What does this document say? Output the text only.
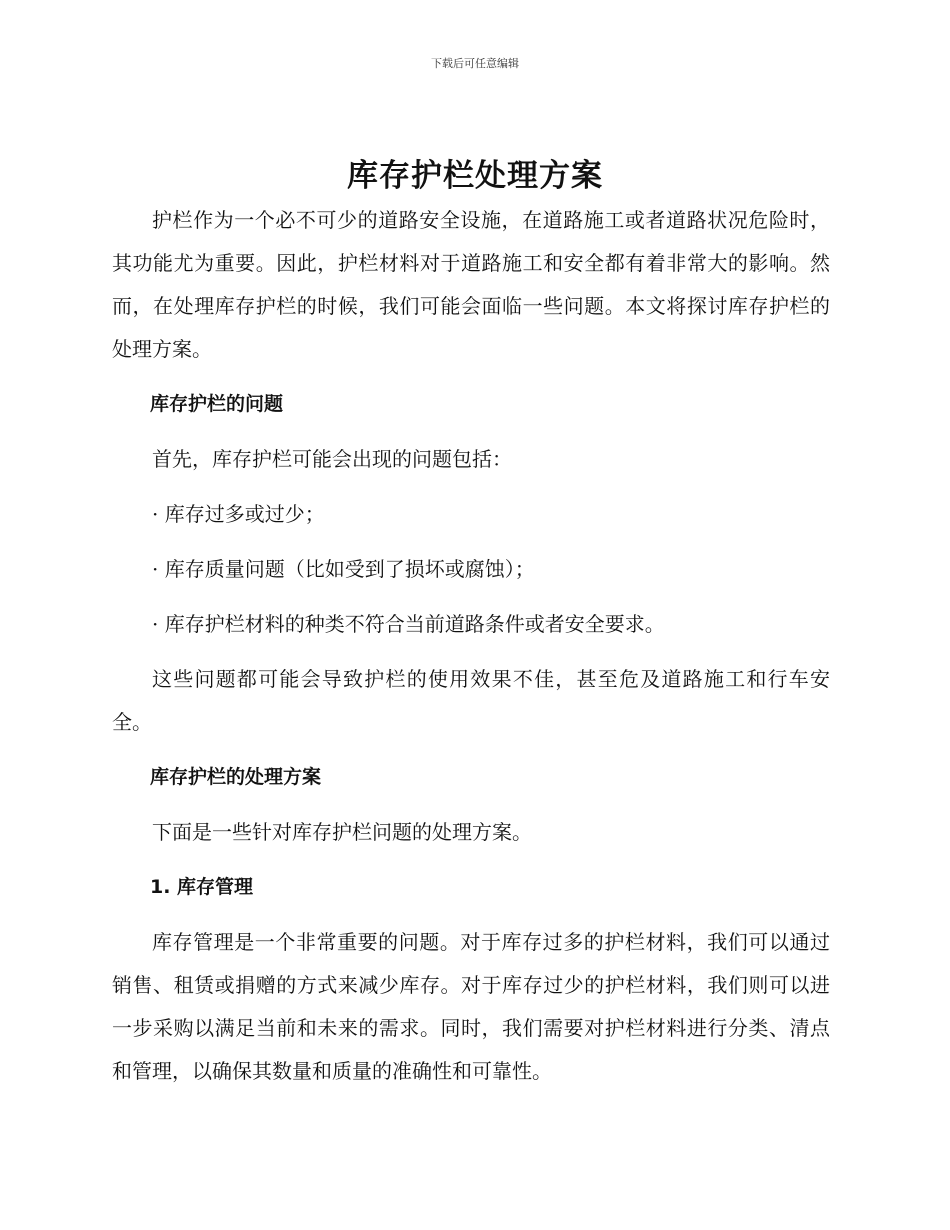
下载后可任意编辑
库存护栏处理方案

护栏作为一个必不可少的道路安全设施，在道路施工或者道路状况危险时，其功能尤为重要。因此，护栏材料对于道路施工和安全都有着非常大的影响。然而，在处理库存护栏的时候，我们可能会面临一些问题。本文将探讨库存护栏的处理方案。

库存护栏的问题

首先，库存护栏可能会出现的问题包括：

· 库存过多或过少；

· 库存质量问题（比如受到了损坏或腐蚀）；

· 库存护栏材料的种类不符合当前道路条件或者安全要求。

这些问题都可能会导致护栏的使用效果不佳，甚至危及道路施工和行车安全。

库存护栏的处理方案

下面是一些针对库存护栏问题的处理方案。

1. 库存管理

库存管理是一个非常重要的问题。对于库存过多的护栏材料，我们可以通过销售、租赁或捐赠的方式来减少库存。对于库存过少的护栏材料，我们则可以进一步采购以满足当前和未来的需求。同时，我们需要对护栏材料进行分类、清点和管理，以确保其数量和质量的准确性和可靠性。
